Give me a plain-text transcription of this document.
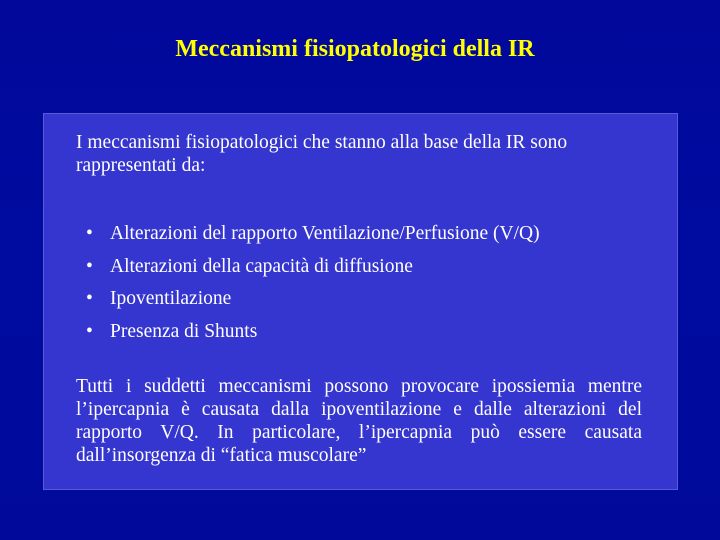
Meccanismi fisiopatologici della IR
I meccanismi fisiopatologici che stanno alla base della IR sono rappresentati da:
• Alterazioni del rapporto Ventilazione/Perfusione (V/Q)
• Alterazioni della capacità di diffusione
• Ipoventilazione
• Presenza di Shunts
Tutti i suddetti meccanismi possono provocare ipossiemia mentre l’ipercapnia è causata dalla ipoventilazione e dalle alterazioni del rapporto V/Q. In particolare, l’ipercapnia può essere causata dall’insorgenza di “fatica muscolare”
